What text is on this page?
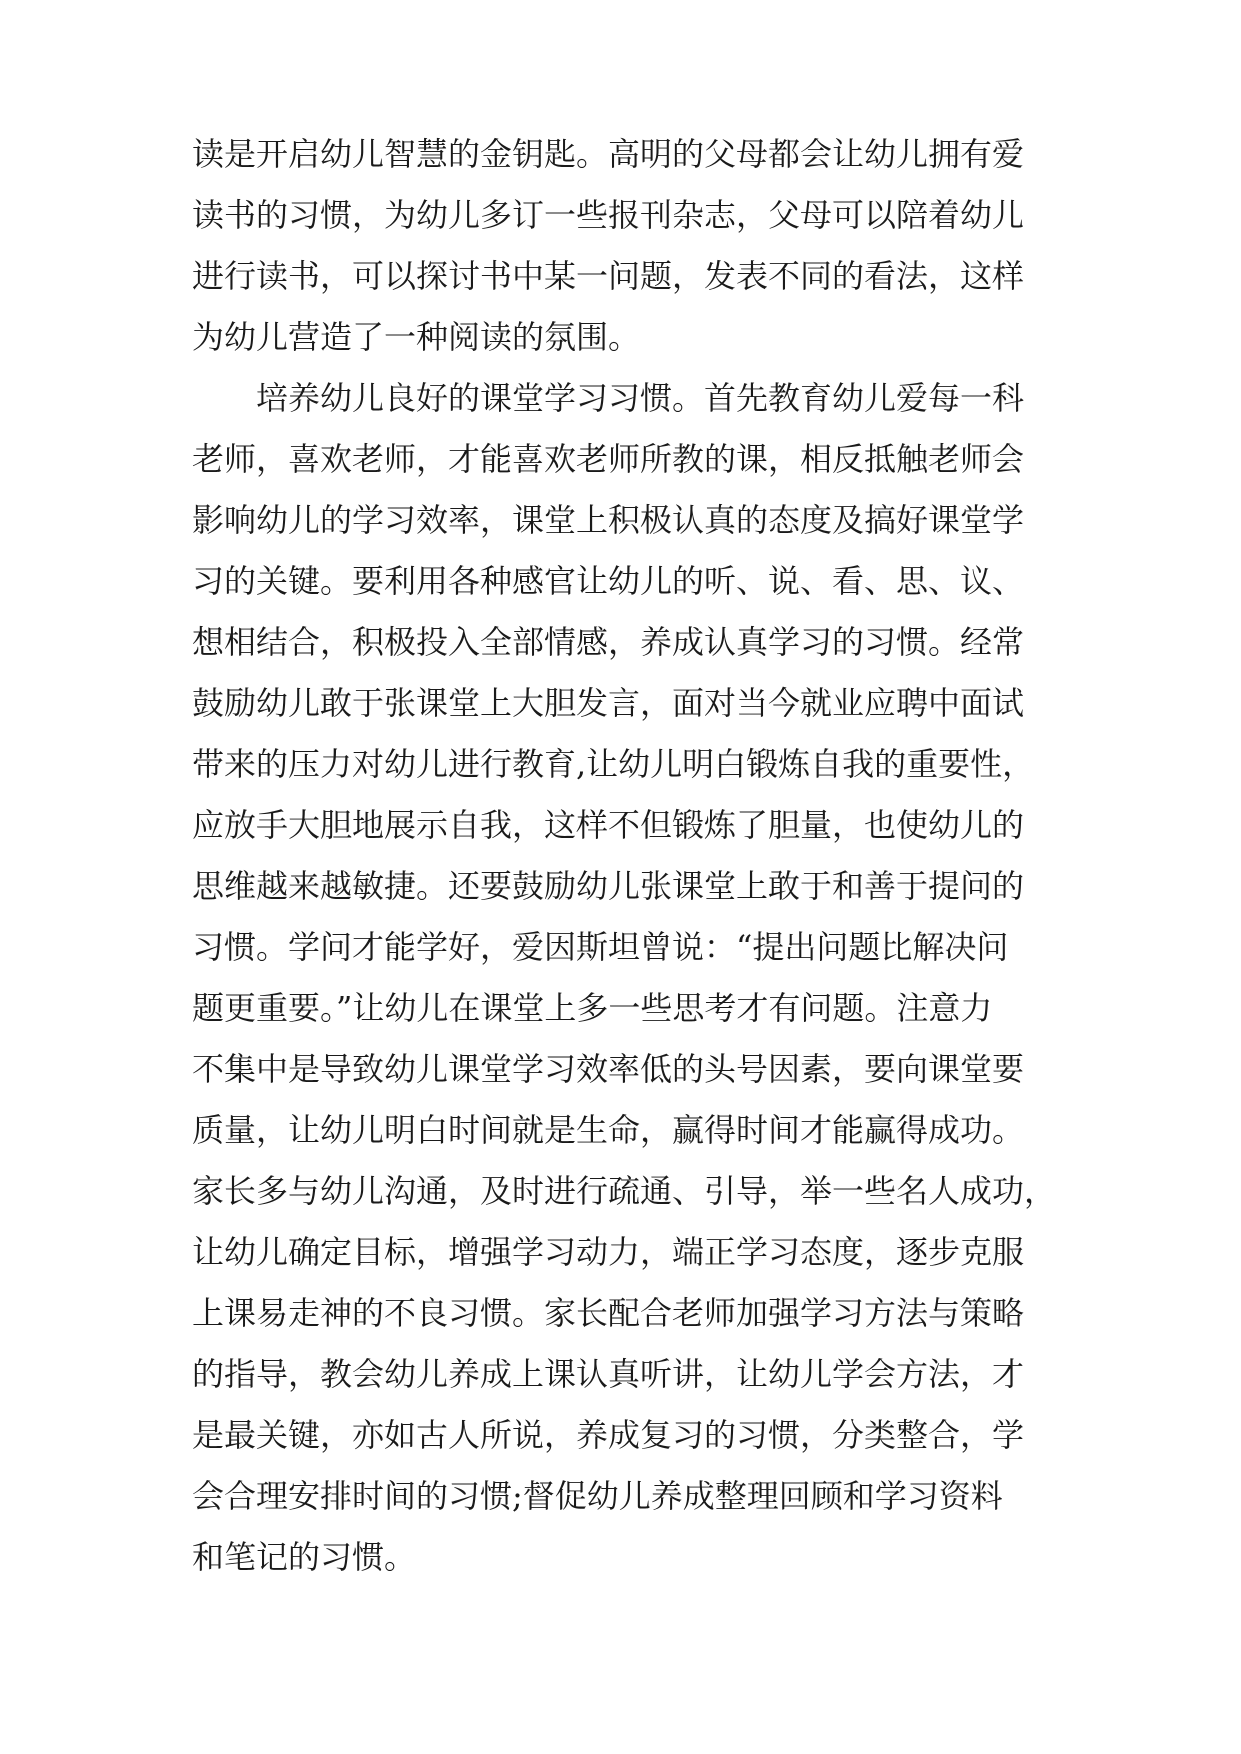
读是开启幼儿智慧的金钥匙。高明的父母都会让幼儿拥有爱
读书的习惯，为幼儿多订一些报刊杂志，父母可以陪着幼儿
进行读书，可以探讨书中某一问题，发表不同的看法，这样
为幼儿营造了一种阅读的氛围。
培养幼儿良好的课堂学习习惯。首先教育幼儿爱每一科
老师，喜欢老师，才能喜欢老师所教的课，相反抵触老师会
影响幼儿的学习效率，课堂上积极认真的态度及搞好课堂学
习的关键。要利用各种感官让幼儿的听、说、看、思、议、
想相结合，积极投入全部情感，养成认真学习的习惯。经常
鼓励幼儿敢于张课堂上大胆发言，面对当今就业应聘中面试
带来的压力对幼儿进行教育,让幼儿明白锻炼自我的重要性，
应放手大胆地展示自我，这样不但锻炼了胆量，也使幼儿的
思维越来越敏捷。还要鼓励幼儿张课堂上敢于和善于提问的
习惯。学问才能学好，爱因斯坦曾说：“提出问题比解决问
题更重要。”让幼儿在课堂上多一些思考才有问题。注意力
不集中是导致幼儿课堂学习效率低的头号因素，要向课堂要
质量，让幼儿明白时间就是生命，赢得时间才能赢得成功。
家长多与幼儿沟通，及时进行疏通、引导，举一些名人成功，
让幼儿确定目标，增强学习动力，端正学习态度，逐步克服
上课易走神的不良习惯。家长配合老师加强学习方法与策略
的指导，教会幼儿养成上课认真听讲，让幼儿学会方法，才
是最关键，亦如古人所说，养成复习的习惯，分类整合，学
会合理安排时间的习惯;督促幼儿养成整理回顾和学习资料
和笔记的习惯。
